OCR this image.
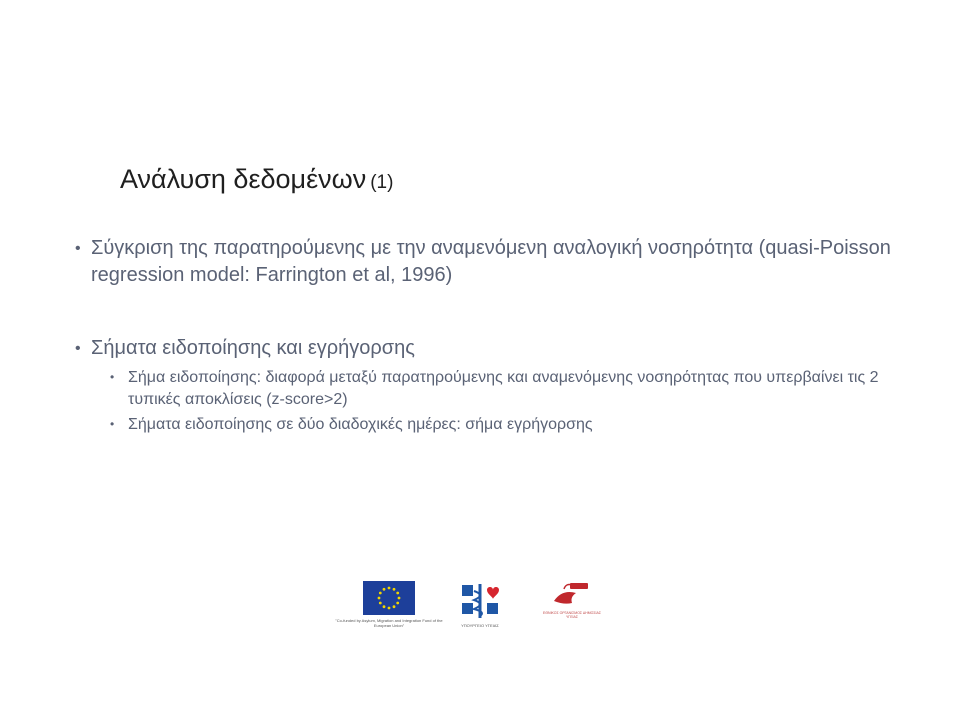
Ανάλυση δεδομένων (1)
• Σύγκριση της παρατηρούμενης με την αναμενόμενη αναλογική νοσηρότητα (quasi-Poisson regression model: Farrington et al, 1996)
• Σήματα ειδοποίησης και εγρήγορσης
• Σήμα ειδοποίησης: διαφορά μεταξύ παρατηρούμενης και αναμενόμενης νοσηρότητας που υπερβαίνει τις 2 τυπικές αποκλίσεις (z-score>2)
• Σήματα ειδοποίησης σε δύο διαδοχικές ημέρες: σήμα εγρήγορσης
"Co-funded by Asylum, Migration and Integration Fund of the European Union"	ΥΠΟΥΡΓΕΙΟ ΥΓΕΙΑΣ
ΕΘΝΙΚΟΣ ΟΡΓΑΝΙΣΜΟΣ ΔΗΜΟΣΙΑΣ ΥΓΕΙΑΣ
